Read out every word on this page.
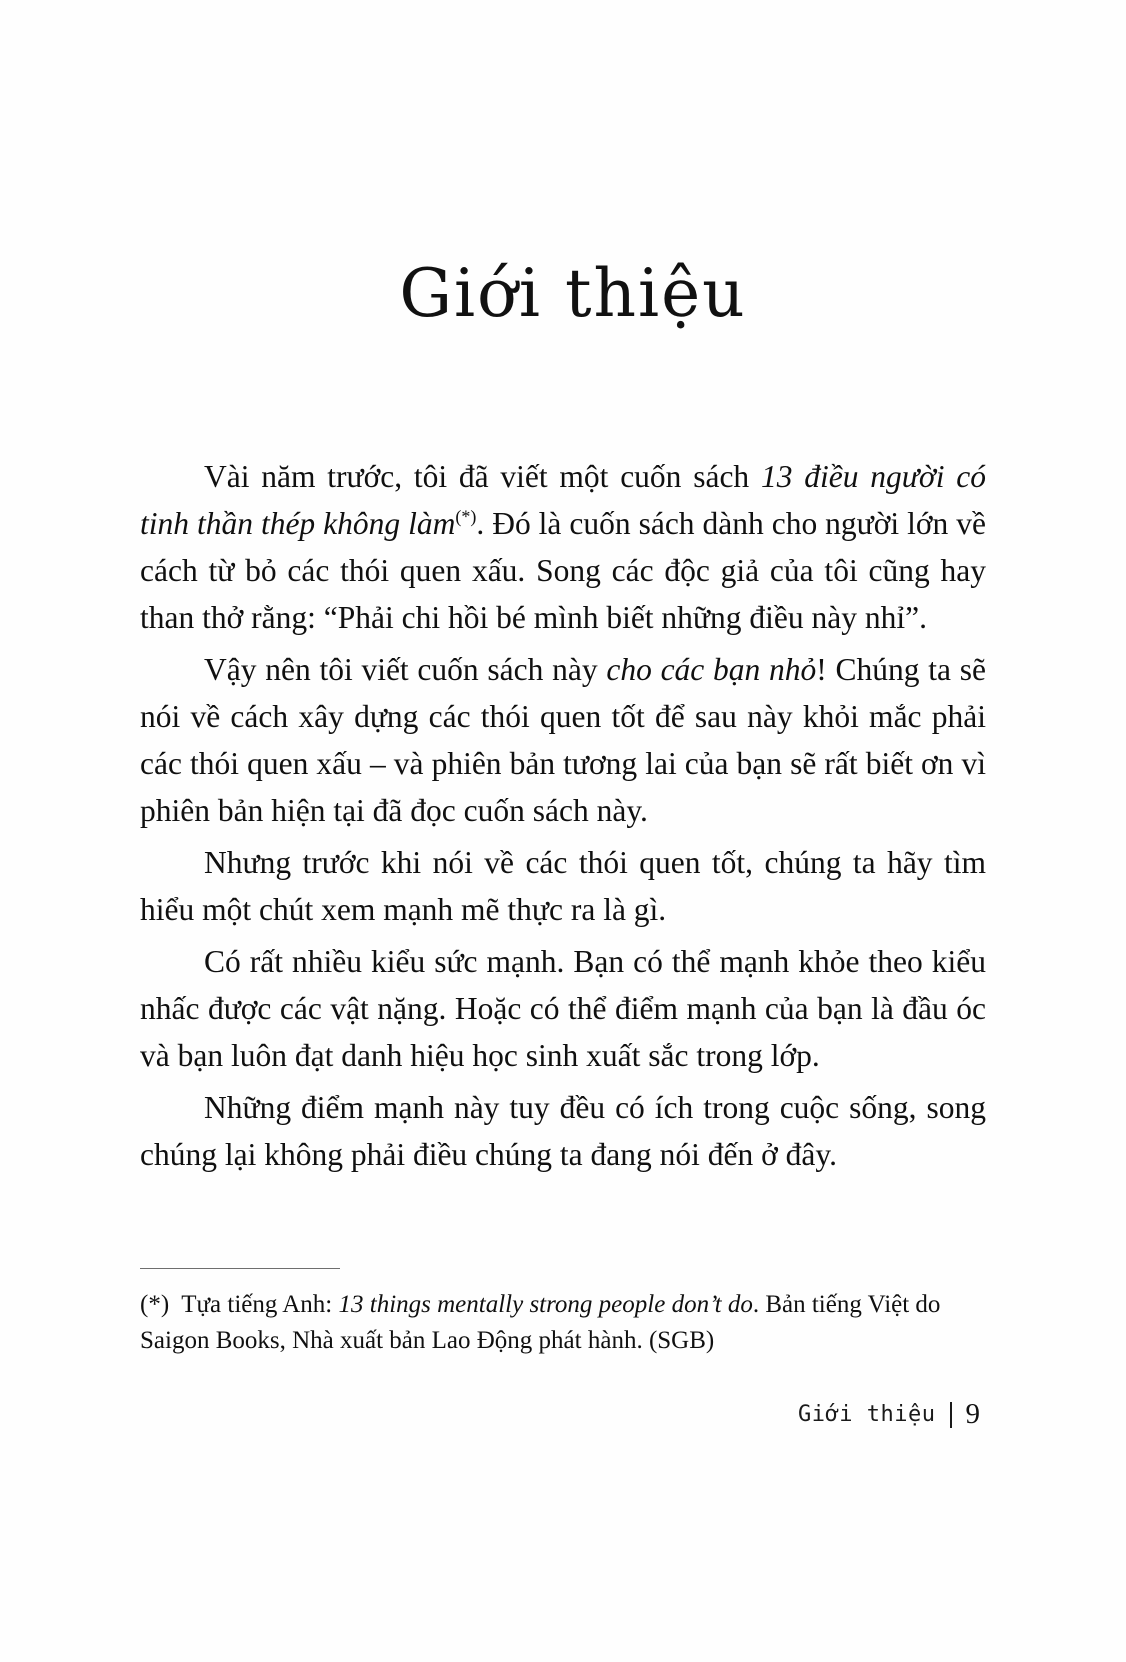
Giới thiệu

Vài năm trước, tôi đã viết một cuốn sách 13 điều người có tinh thần thép không làm(*). Đó là cuốn sách dành cho người lớn về cách từ bỏ các thói quen xấu. Song các độc giả của tôi cũng hay than thở rằng: “Phải chi hồi bé mình biết những điều này nhỉ”.

Vậy nên tôi viết cuốn sách này cho các bạn nhỏ! Chúng ta sẽ nói về cách xây dựng các thói quen tốt để sau này khỏi mắc phải các thói quen xấu – và phiên bản tương lai của bạn sẽ rất biết ơn vì phiên bản hiện tại đã đọc cuốn sách này.

Nhưng trước khi nói về các thói quen tốt, chúng ta hãy tìm hiểu một chút xem mạnh mẽ thực ra là gì.

Có rất nhiều kiểu sức mạnh. Bạn có thể mạnh khỏe theo kiểu nhấc được các vật nặng. Hoặc có thể điểm mạnh của bạn là đầu óc và bạn luôn đạt danh hiệu học sinh xuất sắc trong lớp.

Những điểm mạnh này tuy đều có ích trong cuộc sống, song chúng lại không phải điều chúng ta đang nói đến ở đây.

(*) Tựa tiếng Anh: 13 things mentally strong people don’t do. Bản tiếng Việt do Saigon Books, Nhà xuất bản Lao Động phát hành. (SGB)

Giới thiệu 9
